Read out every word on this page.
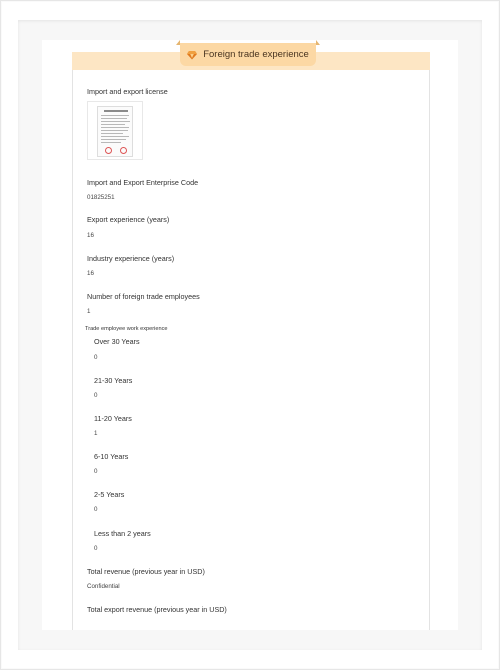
Foreign trade experience
Import and export license
Import and Export Enterprise Code
01825251
Export experience (years)
16
Industry experience (years)
16
Number of foreign trade employees
1
Trade employee work experience
Over 30 Years
0
21-30 Years
0
11-20 Years
1
6-10 Years
0
2-5 Years
0
Less than 2 years
0
Total revenue (previous year in USD)
Confidential
Total export revenue (previous year in USD)
